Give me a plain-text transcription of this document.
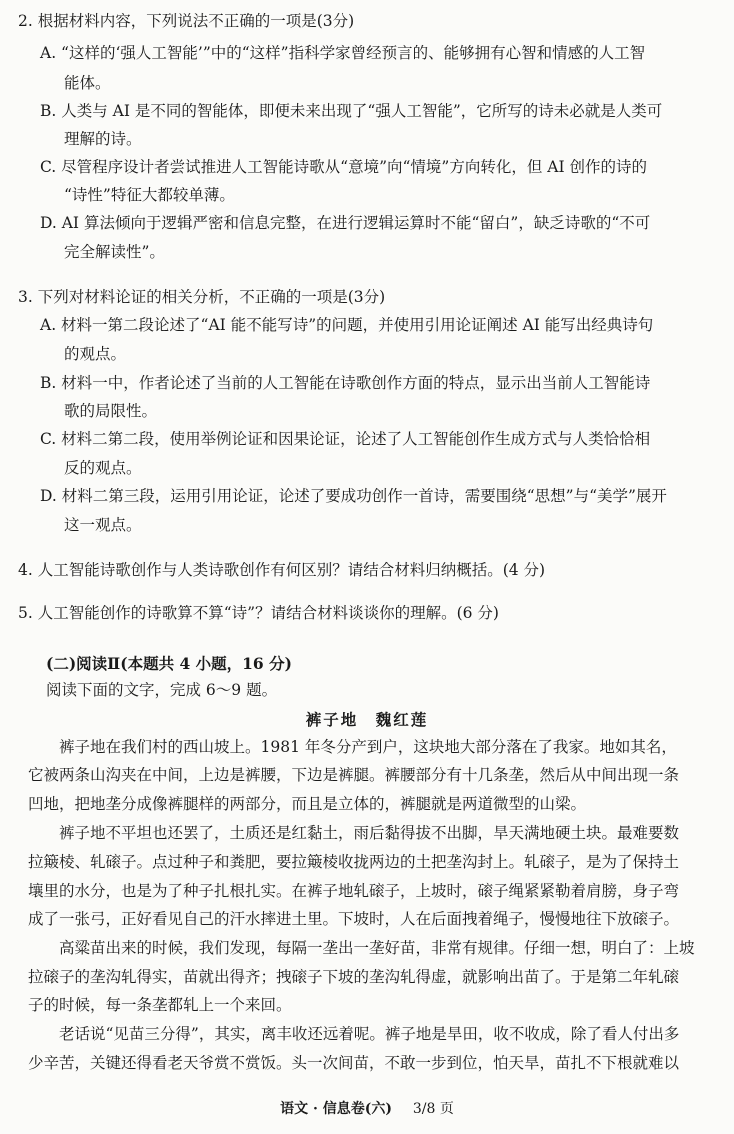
2. 根据材料内容，下列说法不正确的一项是(3分)
A. “这样的‘强人工智能’”中的“这样”指科学家曾经预言的、能够拥有心智和情感的人工智
能体。
B. 人类与 AI 是不同的智能体，即便未来出现了“强人工智能”，它所写的诗未必就是人类可
理解的诗。
C. 尽管程序设计者尝试推进人工智能诗歌从“意境”向“情境”方向转化，但 AI 创作的诗的
“诗性”特征大都较单薄。
D. AI 算法倾向于逻辑严密和信息完整，在进行逻辑运算时不能“留白”，缺乏诗歌的“不可
完全解读性”。
3. 下列对材料论证的相关分析，不正确的一项是(3分)
A. 材料一第二段论述了“AI 能不能写诗”的问题，并使用引用论证阐述 AI 能写出经典诗句
的观点。
B. 材料一中，作者论述了当前的人工智能在诗歌创作方面的特点，显示出当前人工智能诗
歌的局限性。
C. 材料二第二段，使用举例论证和因果论证，论述了人工智能创作生成方式与人类恰恰相
反的观点。
D. 材料二第三段，运用引用论证，论述了要成功创作一首诗，需要围绕“思想”与“美学”展开
这一观点。
4. 人工智能诗歌创作与人类诗歌创作有何区别？请结合材料归纳概括。(4 分)
5. 人工智能创作的诗歌算不算“诗”？请结合材料谈谈你的理解。(6 分)
(二)阅读Ⅱ(本题共 4 小题，16 分)
阅读下面的文字，完成 6～9 题。
裤子地　魏红莲
　　裤子地在我们村的西山坡上。1981 年冬分产到户，这块地大部分落在了我家。地如其名，
它被两条山沟夹在中间，上边是裤腰，下边是裤腿。裤腰部分有十几条垄，然后从中间出现一条
凹地，把地垄分成像裤腿样的两部分，而且是立体的，裤腿就是两道微型的山梁。
　　裤子地不平坦也还罢了，土质还是红黏土，雨后黏得拔不出脚，旱天满地硬土块。最难要数
拉簸棱、轧磙子。点过种子和粪肥，要拉簸棱收拢两边的土把垄沟封上。轧磙子，是为了保持土
壤里的水分，也是为了种子扎根扎实。在裤子地轧磙子，上坡时，磙子绳紧紧勒着肩膀，身子弯
成了一张弓，正好看见自己的汗水摔进土里。下坡时，人在后面拽着绳子，慢慢地往下放磙子。
　　高粱苗出来的时候，我们发现，每隔一垄出一垄好苗，非常有规律。仔细一想，明白了：上坡
拉磙子的垄沟轧得实，苗就出得齐；拽磙子下坡的垄沟轧得虚，就影响出苗了。于是第二年轧磙
子的时候，每一条垄都轧上一个来回。
　　老话说“见苗三分得”，其实，离丰收还远着呢。裤子地是旱田，收不收成，除了看人付出多
少辛苦，关键还得看老天爷赏不赏饭。头一次间苗，不敢一步到位，怕天旱，苗扎不下根就难以
语文 · 信息卷(六) 3/8 页
